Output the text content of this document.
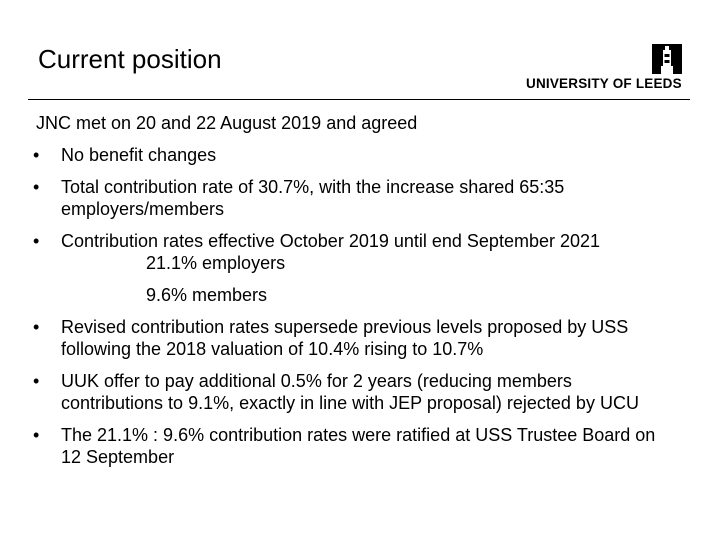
Current position
UNIVERSITY OF LEEDS
JNC met on 20 and 22 August 2019 and agreed
• No benefit changes
• Total contribution rate of 30.7%, with the increase shared 65:35 employers/members
• Contribution rates effective October 2019 until end September 2021
21.1% employers
9.6% members
• Revised contribution rates supersede previous levels proposed by USS following the 2018 valuation of 10.4% rising to 10.7%
• UUK offer to pay additional 0.5% for 2 years (reducing members contributions to 9.1%, exactly in line with JEP proposal) rejected by UCU
• The 21.1% : 9.6% contribution rates were ratified at USS Trustee Board on 12 September
